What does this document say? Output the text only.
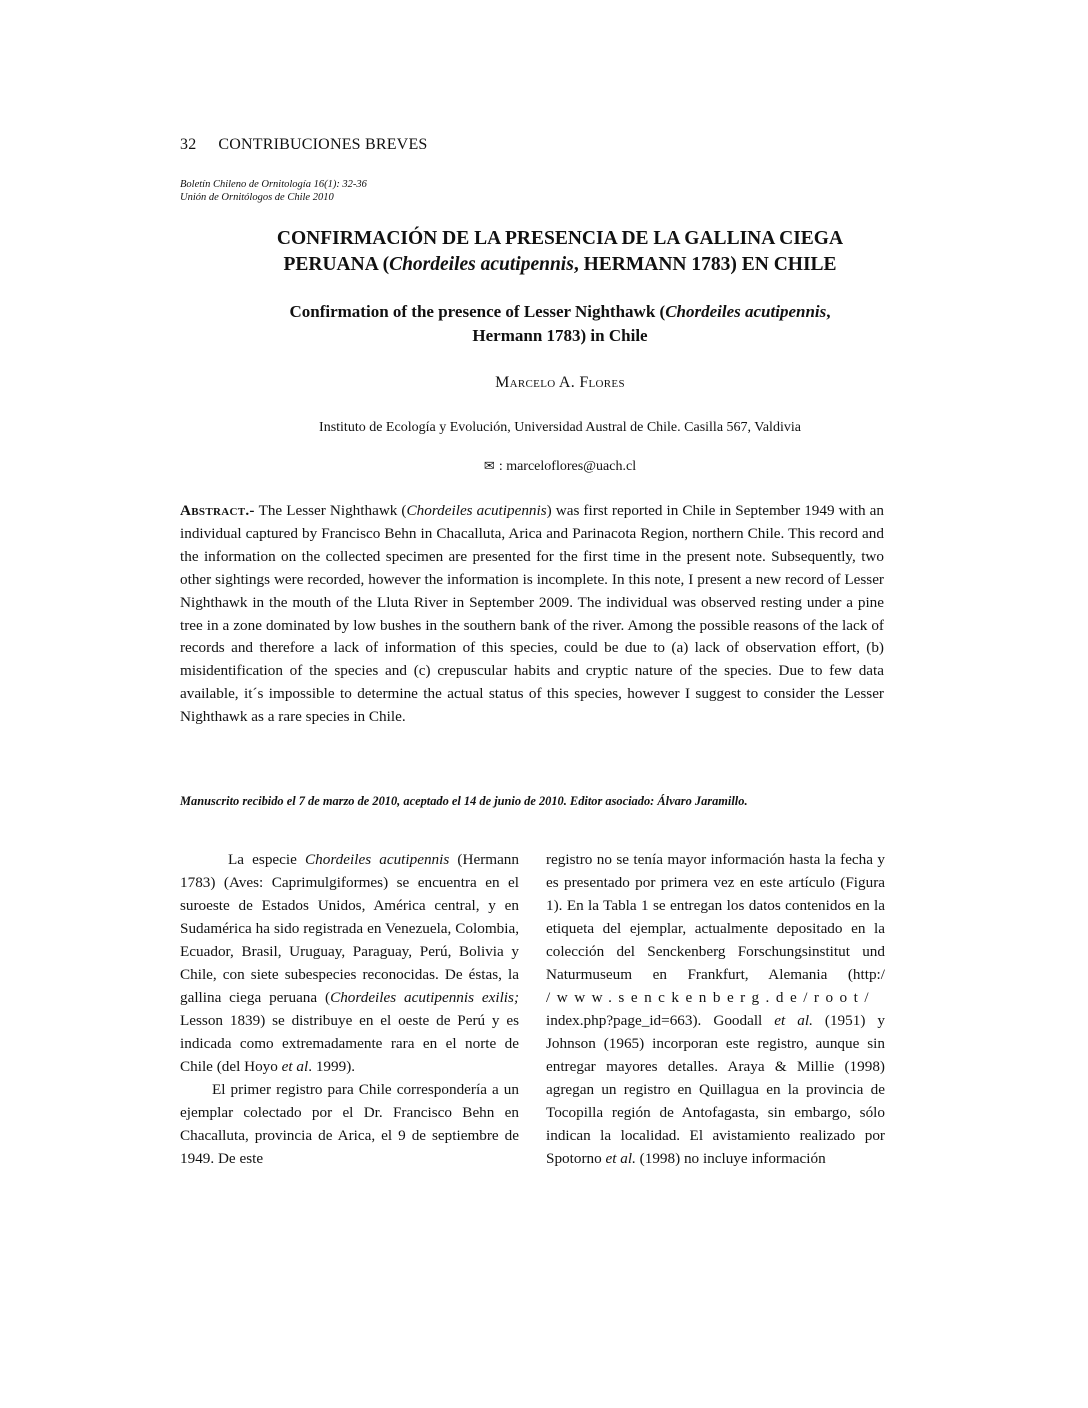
32 CONTRIBUCIONES BREVES
Boletín Chileno de Ornitología 16(1): 32-36
Unión de Ornitólogos de Chile 2010
CONFIRMACIÓN DE LA PRESENCIA DE LA GALLINA CIEGA
PERUANA (Chordeiles acutipennis, HERMANN 1783) EN CHILE
Confirmation of the presence of Lesser Nighthawk (Chordeiles acutipennis,
Hermann 1783) in Chile
Marcelo A. Flores
Instituto de Ecología y Evolución, Universidad Austral de Chile. Casilla 567, Valdivia
✉ : marceloflores@uach.cl
Abstract.- The Lesser Nighthawk (Chordeiles acutipennis) was first reported in Chile in September 1949 with an individual captured by Francisco Behn in Chacalluta, Arica and Parinacota Region, northern Chile. This record and the information on the collected specimen are presented for the first time in the present note. Subsequently, two other sightings were recorded, however the information is incomplete. In this note, I present a new record of Lesser Nighthawk in the mouth of the Lluta River in September 2009. The individual was observed resting under a pine tree in a zone dominated by low bushes in the southern bank of the river. Among the possible reasons of the lack of records and therefore a lack of information of this species, could be due to (a) lack of observation effort, (b) misidentification of the species and (c) crepuscular habits and cryptic nature of the species. Due to few data available, it´s impossible to determine the actual status of this species, however I suggest to consider the Lesser Nighthawk as a rare species in Chile.
Manuscrito recibido el 7 de marzo de 2010, aceptado el 14 de junio de 2010. Editor asociado: Álvaro Jaramillo.

La especie Chordeiles acutipennis (Hermann 1783) (Aves: Caprimulgiformes) se encuentra en el suroeste de Estados Unidos, América central, y en Sudamérica ha sido registrada en Venezuela, Colombia, Ecuador, Brasil, Uruguay, Paraguay, Perú, Bolivia y Chile, con siete subespecies reconocidas. De éstas, la gallina ciega peruana (Chordeiles acutipennis exilis; Lesson 1839) se distribuye en el oeste de Perú y es indicada como extremadamente rara en el norte de Chile (del Hoyo et al. 1999).

El primer registro para Chile correspondería a un ejemplar colectado por el Dr. Francisco Behn en Chacalluta, provincia de Arica, el 9 de septiembre de 1949. De este

registro no se tenía mayor información hasta la fecha y es presentado por primera vez en este artículo (Figura 1). En la Tabla 1 se entregan los datos contenidos en la etiqueta del ejemplar, actualmente depositado en la colección del Senckenberg Forschungsinstitut und Naturmuseum en Frankfurt, Alemania (http:/ /www.senckenberg.de/root/ index.php?page_id=663). Goodall et al. (1951) y Johnson (1965) incorporan este registro, aunque sin entregar mayores detalles. Araya & Millie (1998) agregan un registro en Quillagua en la provincia de Tocopilla región de Antofagasta, sin embargo, sólo indican la localidad. El avistamiento realizado por Spotorno et al. (1998) no incluye información
